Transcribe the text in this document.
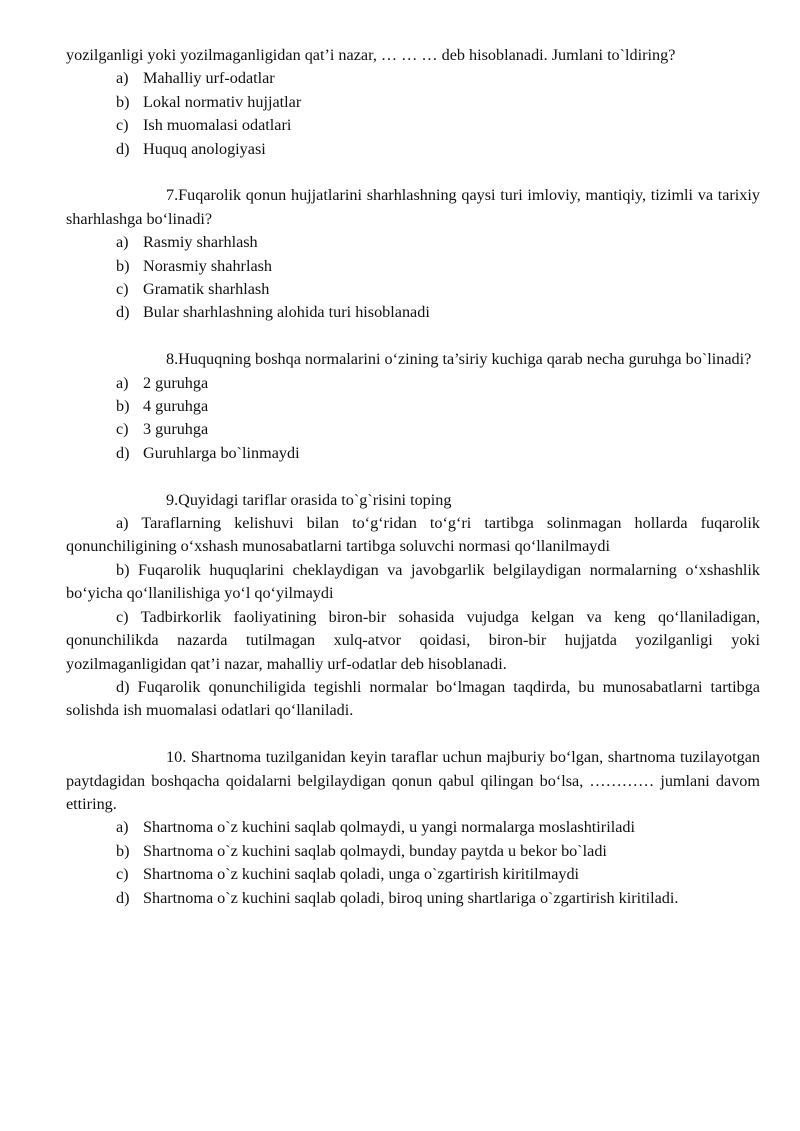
yozilganligi yoki yozilmaganligidan qat’i nazar, … … … deb hisoblanadi. Jumlani to`ldiring?

a) Mahalliy urf-odatlar
b) Lokal normativ hujjatlar
c) Ish muomalasi odatlari
d) Huquq anologiyasi

7.Fuqarolik qonun hujjatlarini sharhlashning qaysi turi imloviy, mantiqiy, tizimli va tarixiy sharhlashga bo‘linadi?

a) Rasmiy sharhlash
b) Norasmiy shahrlash
c) Gramatik sharhlash
d) Bular sharhlashning alohida turi hisoblanadi

8.Huquqning boshqa normalarini o‘zining ta’siriy kuchiga qarab necha guruhga bo`linadi?

a) 2 guruhga
b) 4 guruhga
c) 3 guruhga
d) Guruhlarga bo`linmaydi

9.Quyidagi tariflar orasida to`g`risini toping

a) Taraflarning kelishuvi bilan to‘g‘ridan to‘g‘ri tartibga solinmagan hollarda fuqarolik qonunchiligining o‘xshash munosabatlarni tartibga soluvchi normasi qo‘llanilmaydi

b) Fuqarolik huquqlarini cheklaydigan va javobgarlik belgilaydigan normalarning o‘xshashlik bo‘yicha qo‘llanilishiga yo‘l qo‘yilmaydi

c) Tadbirkorlik faoliyatining biron-bir sohasida vujudga kelgan va keng qo‘llaniladigan, qonunchilikda nazarda tutilmagan xulq-atvor qoidasi, biron-bir hujjatda yozilganligi yoki yozilmaganligidan qat’i nazar, mahalliy urf-odatlar deb hisoblanadi.

d) Fuqarolik qonunchiligida tegishli normalar bo‘lmagan taqdirda, bu munosabatlarni tartibga solishda ish muomalasi odatlari qo‘llaniladi.

10. Shartnoma tuzilganidan keyin taraflar uchun majburiy bo‘lgan, shartnoma tuzilayotgan paytdagidan boshqacha qoidalarni belgilaydigan qonun qabul qilingan bo‘lsa, ………… jumlani davom ettiring.

a) Shartnoma o`z kuchini saqlab qolmaydi, u yangi normalarga moslashtiriladi
b) Shartnoma o`z kuchini saqlab qolmaydi, bunday paytda u bekor bo`ladi
c) Shartnoma o`z kuchini saqlab qoladi, unga o`zgartirish kiritilmaydi
d) Shartnoma o`z kuchini saqlab qoladi, biroq uning shartlariga o`zgartirish kiritiladi.
